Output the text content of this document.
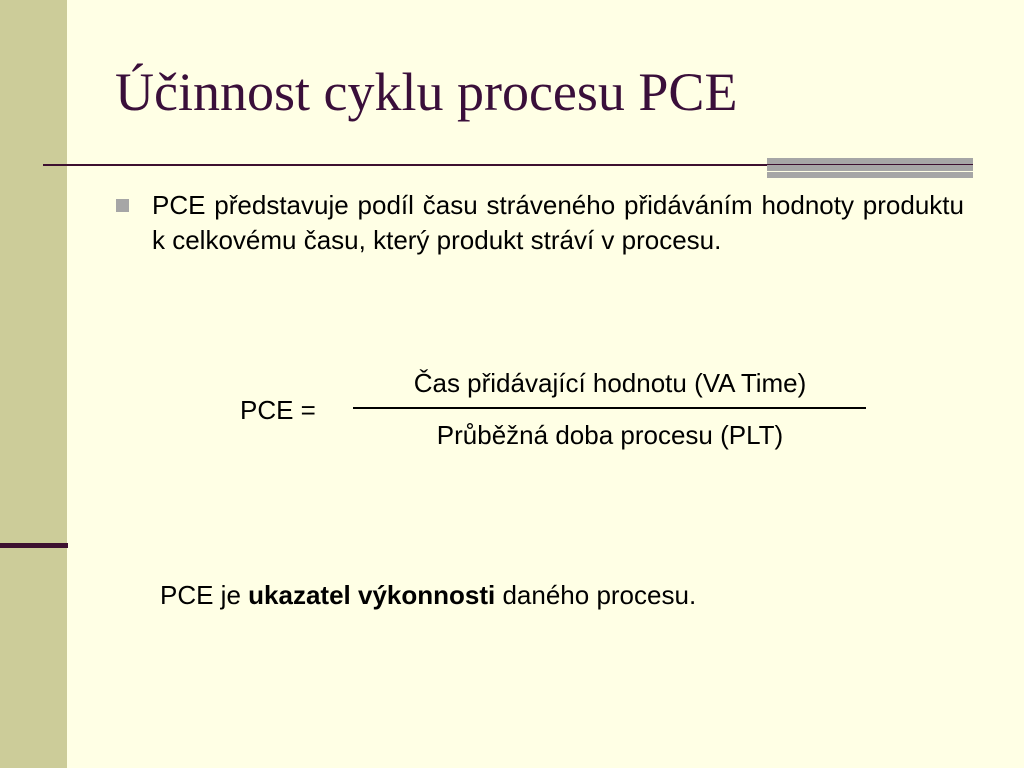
Účinnost cyklu procesu PCE

PCE představuje podíl času stráveného přidáváním hodnoty produktu k celkovému času, který produkt stráví v procesu.

PCE =
Čas přidávající hodnotu (VA Time)
Průběžná doba procesu (PLT)
PCE je ukazatel výkonnosti daného procesu.
